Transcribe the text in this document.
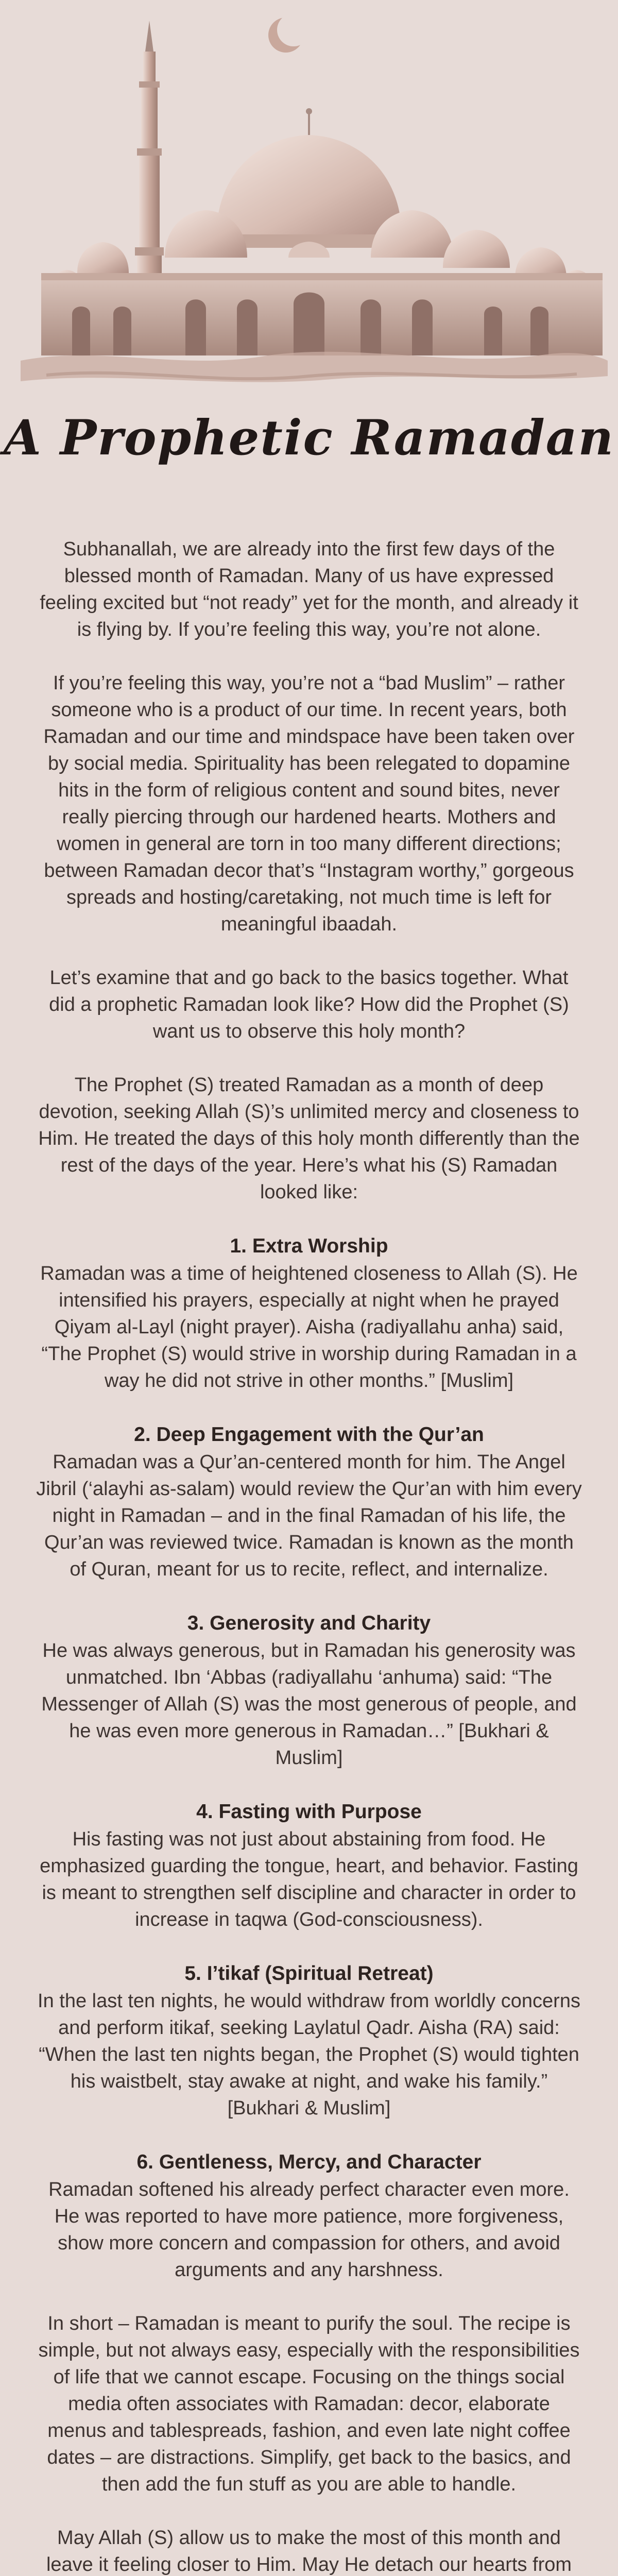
A Prophetic Ramadan

Subhanallah, we are already into the first few days of the blessed month of Ramadan. Many of us have expressed feeling excited but “not ready” yet for the month, and already it is flying by. If you’re feeling this way, you’re not alone.

If you’re feeling this way, you’re not a “bad Muslim” – rather someone who is a product of our time. In recent years, both Ramadan and our time and mindspace have been taken over by social media. Spirituality has been relegated to dopamine hits in the form of religious content and sound bites, never really piercing through our hardened hearts. Mothers and women in general are torn in too many different directions; between Ramadan decor that’s “Instagram worthy,” gorgeous spreads and hosting/caretaking, not much time is left for meaningful ibaadah.

Let’s examine that and go back to the basics together. What did a prophetic Ramadan look like? How did the Prophet (S) want us to observe this holy month?

The Prophet (S) treated Ramadan as a month of deep devotion, seeking Allah (S)’s unlimited mercy and closeness to Him. He treated the days of this holy month differently than the rest of the days of the year. Here’s what his (S) Ramadan looked like:

1. Extra Worship

Ramadan was a time of heightened closeness to Allah (S). He intensified his prayers, especially at night when he prayed Qiyam al-Layl (night prayer). Aisha (radiyallahu anha) said, “The Prophet (S) would strive in worship during Ramadan in a way he did not strive in other months.” [Muslim]

2. Deep Engagement with the Qur’an

Ramadan was a Qur’an-centered month for him. The Angel Jibril (‘alayhi as-salam) would review the Qur’an with him every night in Ramadan – and in the final Ramadan of his life, the Qur’an was reviewed twice. Ramadan is known as the month of Quran, meant for us to recite, reflect, and internalize.

3. Generosity and Charity

He was always generous, but in Ramadan his generosity was unmatched. Ibn ‘Abbas (radiyallahu ‘anhuma) said: “The Messenger of Allah (S) was the most generous of people, and he was even more generous in Ramadan…” [Bukhari & Muslim]

4. Fasting with Purpose

His fasting was not just about abstaining from food. He emphasized guarding the tongue, heart, and behavior. Fasting is meant to strengthen self discipline and character in order to increase in taqwa (God-consciousness).

5. I’tikaf (Spiritual Retreat)

In the last ten nights, he would withdraw from worldly concerns and perform itikaf, seeking Laylatul Qadr. Aisha (RA) said: “When the last ten nights began, the Prophet (S) would tighten his waistbelt, stay awake at night, and wake his family.” [Bukhari & Muslim]

6. Gentleness, Mercy, and Character

Ramadan softened his already perfect character even more. He was reported to have more patience, more forgiveness, show more concern and compassion for others, and avoid arguments and any harshness.

In short – Ramadan is meant to purify the soul. The recipe is simple, but not always easy, especially with the responsibilities of life that we cannot escape. Focusing on the things social media often associates with Ramadan: decor, elaborate menus and tablespreads, fashion, and even late night coffee dates – are distractions. Simplify, get back to the basics, and then add the fun stuff as you are able to handle.

May Allah (S) allow us to make the most of this month and leave it feeling closer to Him. May He detach our hearts from
